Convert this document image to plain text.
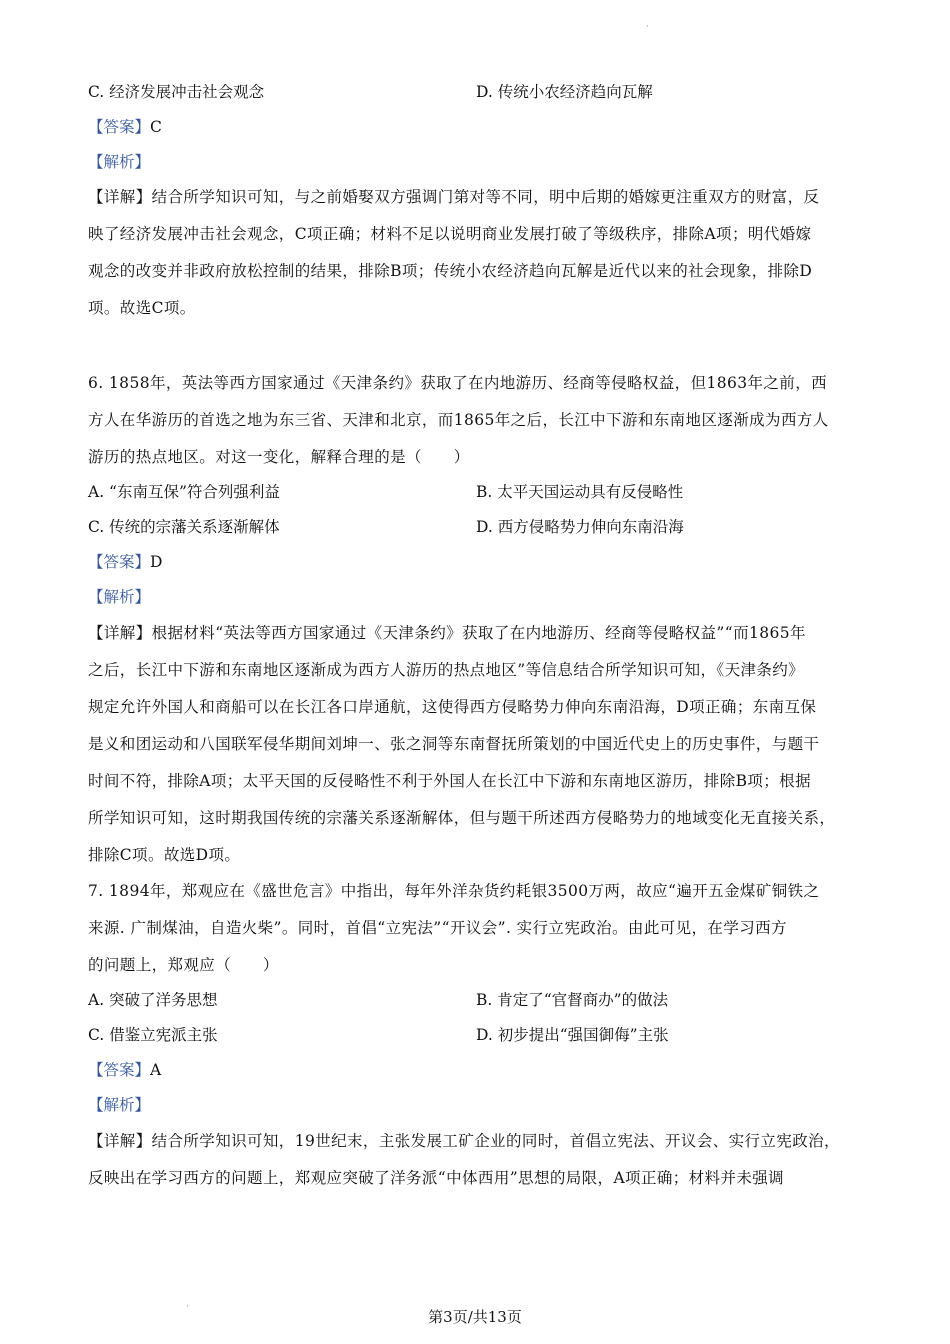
C. 经济发展冲击社会观念	D. 传统小农经济趋向瓦解
【答案】C
【解析】
【详解】结合所学知识可知，与之前婚娶双方强调门第对等不同，明中后期的婚嫁更注重双方的财富，反
映了经济发展冲击社会观念，C项正确；材料不足以说明商业发展打破了等级秩序，排除A项；明代婚嫁
观念的改变并非政府放松控制的结果，排除B项；传统小农经济趋向瓦解是近代以来的社会现象，排除D
项。故选C项。
6. 1858年，英法等西方国家通过《天津条约》获取了在内地游历、经商等侵略权益，但1863年之前，西
方人在华游历的首选之地为东三省、天津和北京，而1865年之后，长江中下游和东南地区逐渐成为西方人
游历的热点地区。对这一变化，解释合理的是（　　）
A. “东南互保”符合列强利益	B. 太平天国运动具有反侵略性
C. 传统的宗藩关系逐渐解体	D. 西方侵略势力伸向东南沿海
【答案】D
【解析】
【详解】根据材料“英法等西方国家通过《天津条约》获取了在内地游历、经商等侵略权益”“而1865年
之后，长江中下游和东南地区逐渐成为西方人游历的热点地区”等信息结合所学知识可知，《天津条约》
规定允许外国人和商船可以在长江各口岸通航，这使得西方侵略势力伸向东南沿海，D项正确；东南互保
是义和团运动和八国联军侵华期间刘坤一、张之洞等东南督抚所策划的中国近代史上的历史事件，与题干
时间不符，排除A项；太平天国的反侵略性不利于外国人在长江中下游和东南地区游历，排除B项；根据
所学知识可知，这时期我国传统的宗藩关系逐渐解体，但与题干所述西方侵略势力的地域变化无直接关系，
排除C项。故选D项。
7. 1894年，郑观应在《盛世危言》中指出，每年外洋杂货约耗银3500万两，故应“遍开五金煤矿铜铁之
来源. 广制煤油，自造火柴”。同时，首倡“立宪法”“开议会”. 实行立宪政治。由此可见，在学习西方
的问题上，郑观应（　　）
A. 突破了洋务思想	B. 肯定了“官督商办”的做法
C. 借鉴立宪派主张	D. 初步提出“强国御侮”主张
【答案】A
【解析】
【详解】结合所学知识可知，19世纪末，主张发展工矿企业的同时，首倡立宪法、开议会、实行立宪政治，
反映出在学习西方的问题上，郑观应突破了洋务派“中体西用”思想的局限，A项正确；材料并未强调
·
·
第3页/共13页
